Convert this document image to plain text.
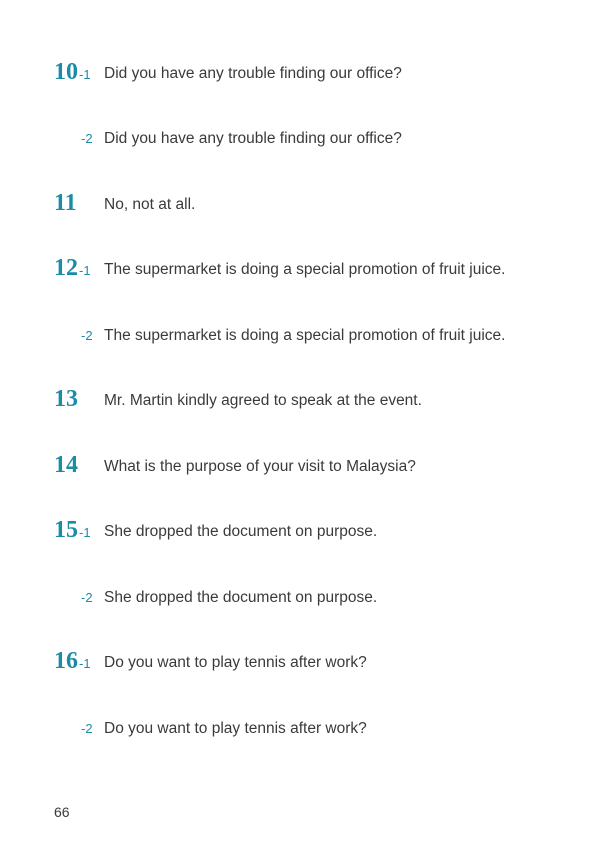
10-1 Did you have any trouble finding our office?
-2 Did you have any trouble finding our office?
11 No, not at all.
12-1 The supermarket is doing a special promotion of fruit juice.
-2 The supermarket is doing a special promotion of fruit juice.
13 Mr. Martin kindly agreed to speak at the event.
14 What is the purpose of your visit to Malaysia?
15-1 She dropped the document on purpose.
-2 She dropped the document on purpose.
16-1 Do you want to play tennis after work?
-2 Do you want to play tennis after work?
66
